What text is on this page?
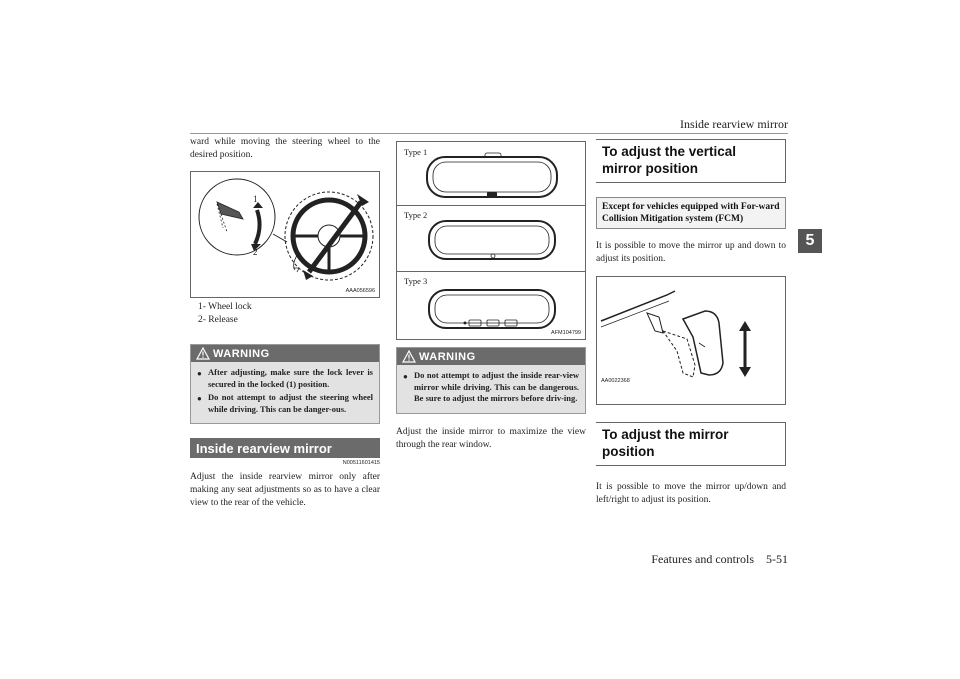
Inside rearview mirror
5

ward while moving the steering wheel to the desired position.

1
2
AAA056596
1- Wheel lock
2- Release
WARNING
● After adjusting, make sure the lock lever is secured in the locked (1) position.
● Do not attempt to adjust the steering wheel while driving. This can be danger-ous.
Inside rearview mirror
N00511601415

Adjust the inside rearview mirror only after making any seat adjustments so as to have a clear view to the rear of the vehicle.

Type 1
Type 2
Type 3
AFM104799
WARNING
● Do not attempt to adjust the inside rear-view mirror while driving. This can be dangerous. Be sure to adjust the mirrors before driv-ing.

Adjust the inside mirror to maximize the view through the rear window.

To adjust the vertical mirror position
Except for vehicles equipped with For-ward Collision Mitigation system (FCM)

It is possible to move the mirror up and down to adjust its position.

AA0022368
To adjust the mirror position

It is possible to move the mirror up/down and left/right to adjust its position.

Features and controls 5-51
